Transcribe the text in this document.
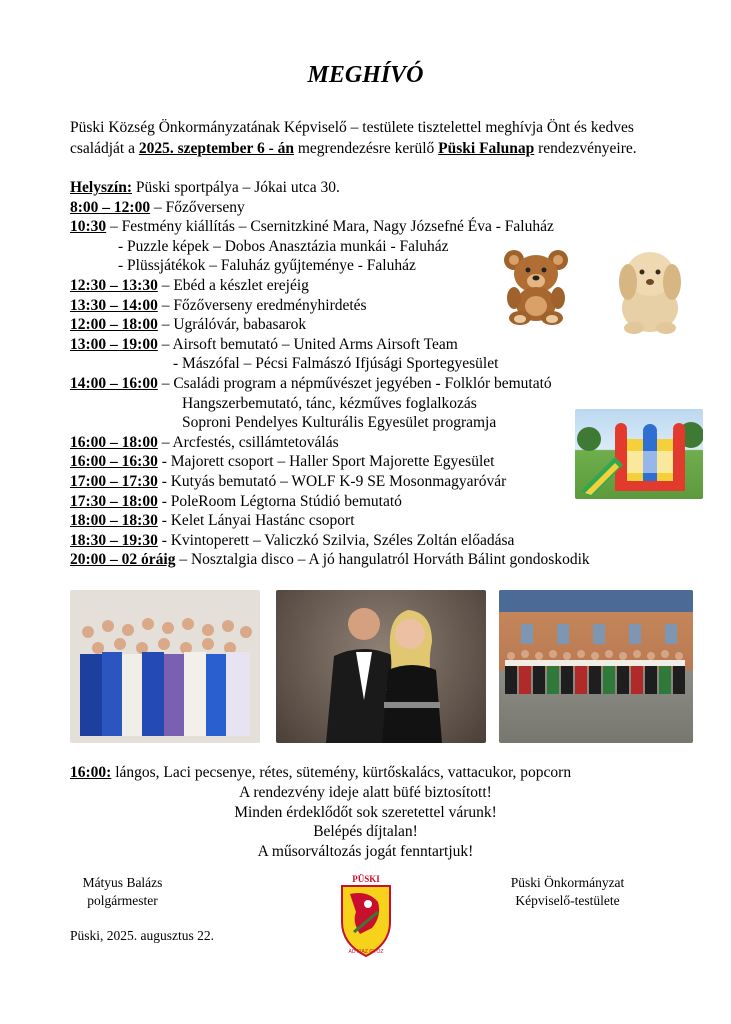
MEGHÍVÓ
Püski Község Önkormányzatának Képviselő – testülete tisztelettel meghívja Önt és kedves családját a 2025. szeptember 6 - án megrendezésre kerülő Püski Falunap rendezvényeire.
Helyszín: Püski sportpálya – Jókai utca 30.
8:00 – 12:00 – Főzőverseny
10:30 – Festmény kiállítás – Csernitzkiné Mara, Nagy Józsefné Éva - Faluház
- Puzzle képek – Dobos Anasztázia munkái - Faluház
- Plüssjátékok – Faluház gyűjteménye - Faluház
12:30 – 13:30 – Ebéd a készlet erejéig
13:30 – 14:00 – Főzőverseny eredményhirdetés
12:00 – 18:00 – Ugrálóvár, babasarok
13:00 – 19:00 – Airsoft bemutató – United Arms Airsoft Team
- Mászófal – Pécsi Falmászó Ifjúsági Sportegyesület
14:00 – 16:00 – Családi program a népművészet jegyében - Folklór bemutató
Hangszerbemutató, tánc, kézműves foglalkozás
Soproni Pendelyes Kulturális Egyesület programja
16:00 – 18:00 – Arcfestés, csillámtetoválás
16:00 – 16:30 - Majorett csoport – Haller Sport Majorette Egyesület
17:00 – 17:30 - Kutyás bemutató – WOLF K-9 SE Mosonmagyaróvár
17:30 – 18:00 - PoleRoom Légtorna Stúdió bemutató
18:00 – 18:30 - Kelet Lányai Hastánc csoport
18:30 – 19:30 - Kvintoperett – Valiczkó Szilvia, Széles Zoltán előadása
20:00 – 02 óráig – Nosztalgia disco – A jó hangulatról Horváth Bálint gondoskodik
16:00: lángos, Laci pecsenye, rétes, sütemény, kürtőskalács, vattacukor, popcorn
A rendezvény ideje alatt büfé biztosított!
Minden érdeklődőt sok szeretettel várunk!
Belépés díjtalan!
A műsorváltozás jogát fenntartjuk!
Mátyus Balázs
polgármester
Püski Önkormányzat
Képviselő-testülete
Püski, 2025. augusztus 22.
PÜSKI
AD KIAZ GYŐZ
